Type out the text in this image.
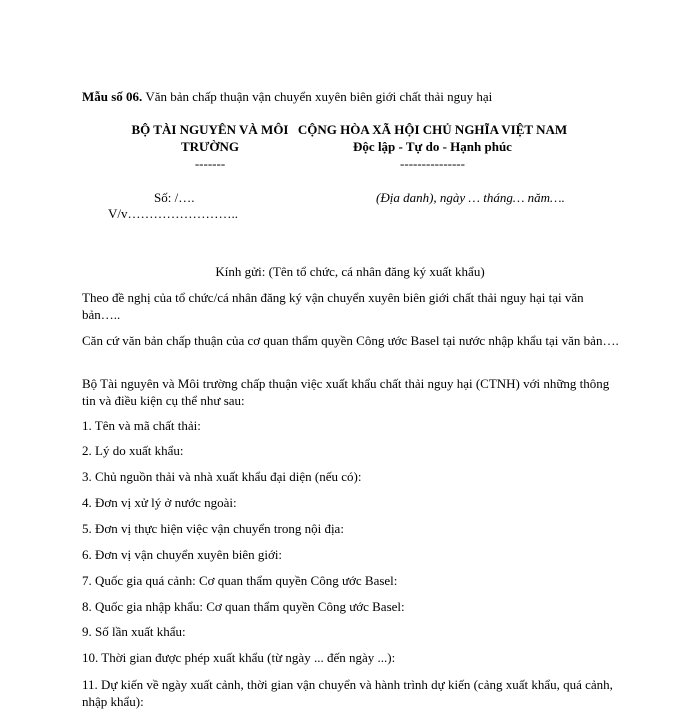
Mẫu số 06. Văn bản chấp thuận vận chuyển xuyên biên giới chất thải nguy hại
BỘ TÀI NGUYÊN VÀ MÔI
TRƯỜNG
-------
CỘNG HÒA XÃ HỘI CHỦ NGHĨA VIỆT NAM
Độc lập - Tự do - Hạnh phúc
---------------
Số: /….
V/v……………………..
(Địa danh), ngày … tháng… năm….
Kính gửi: (Tên tổ chức, cá nhân đăng ký xuất khẩu)
Theo đề nghị của tổ chức/cá nhân đăng ký vận chuyển xuyên biên giới chất thải nguy hại tại văn bản…..
Căn cứ văn bản chấp thuận của cơ quan thẩm quyền Công ước Basel tại nước nhập khẩu tại văn bản….
Bộ Tài nguyên và Môi trường chấp thuận việc xuất khẩu chất thải nguy hại (CTNH) với những thông tin và điều kiện cụ thể như sau:
1. Tên và mã chất thải:
2. Lý do xuất khẩu:
3. Chủ nguồn thải và nhà xuất khẩu đại diện (nếu có):
4. Đơn vị xử lý ở nước ngoài:
5. Đơn vị thực hiện việc vận chuyển trong nội địa:
6. Đơn vị vận chuyển xuyên biên giới:
7. Quốc gia quá cảnh: Cơ quan thẩm quyền Công ước Basel:
8. Quốc gia nhập khẩu: Cơ quan thẩm quyền Công ước Basel:
9. Số lần xuất khẩu:
10. Thời gian được phép xuất khẩu (từ ngày ... đến ngày ...):
11. Dự kiến về ngày xuất cảnh, thời gian vận chuyển và hành trình dự kiến (cảng xuất khẩu, quá cảnh, nhập khẩu):
